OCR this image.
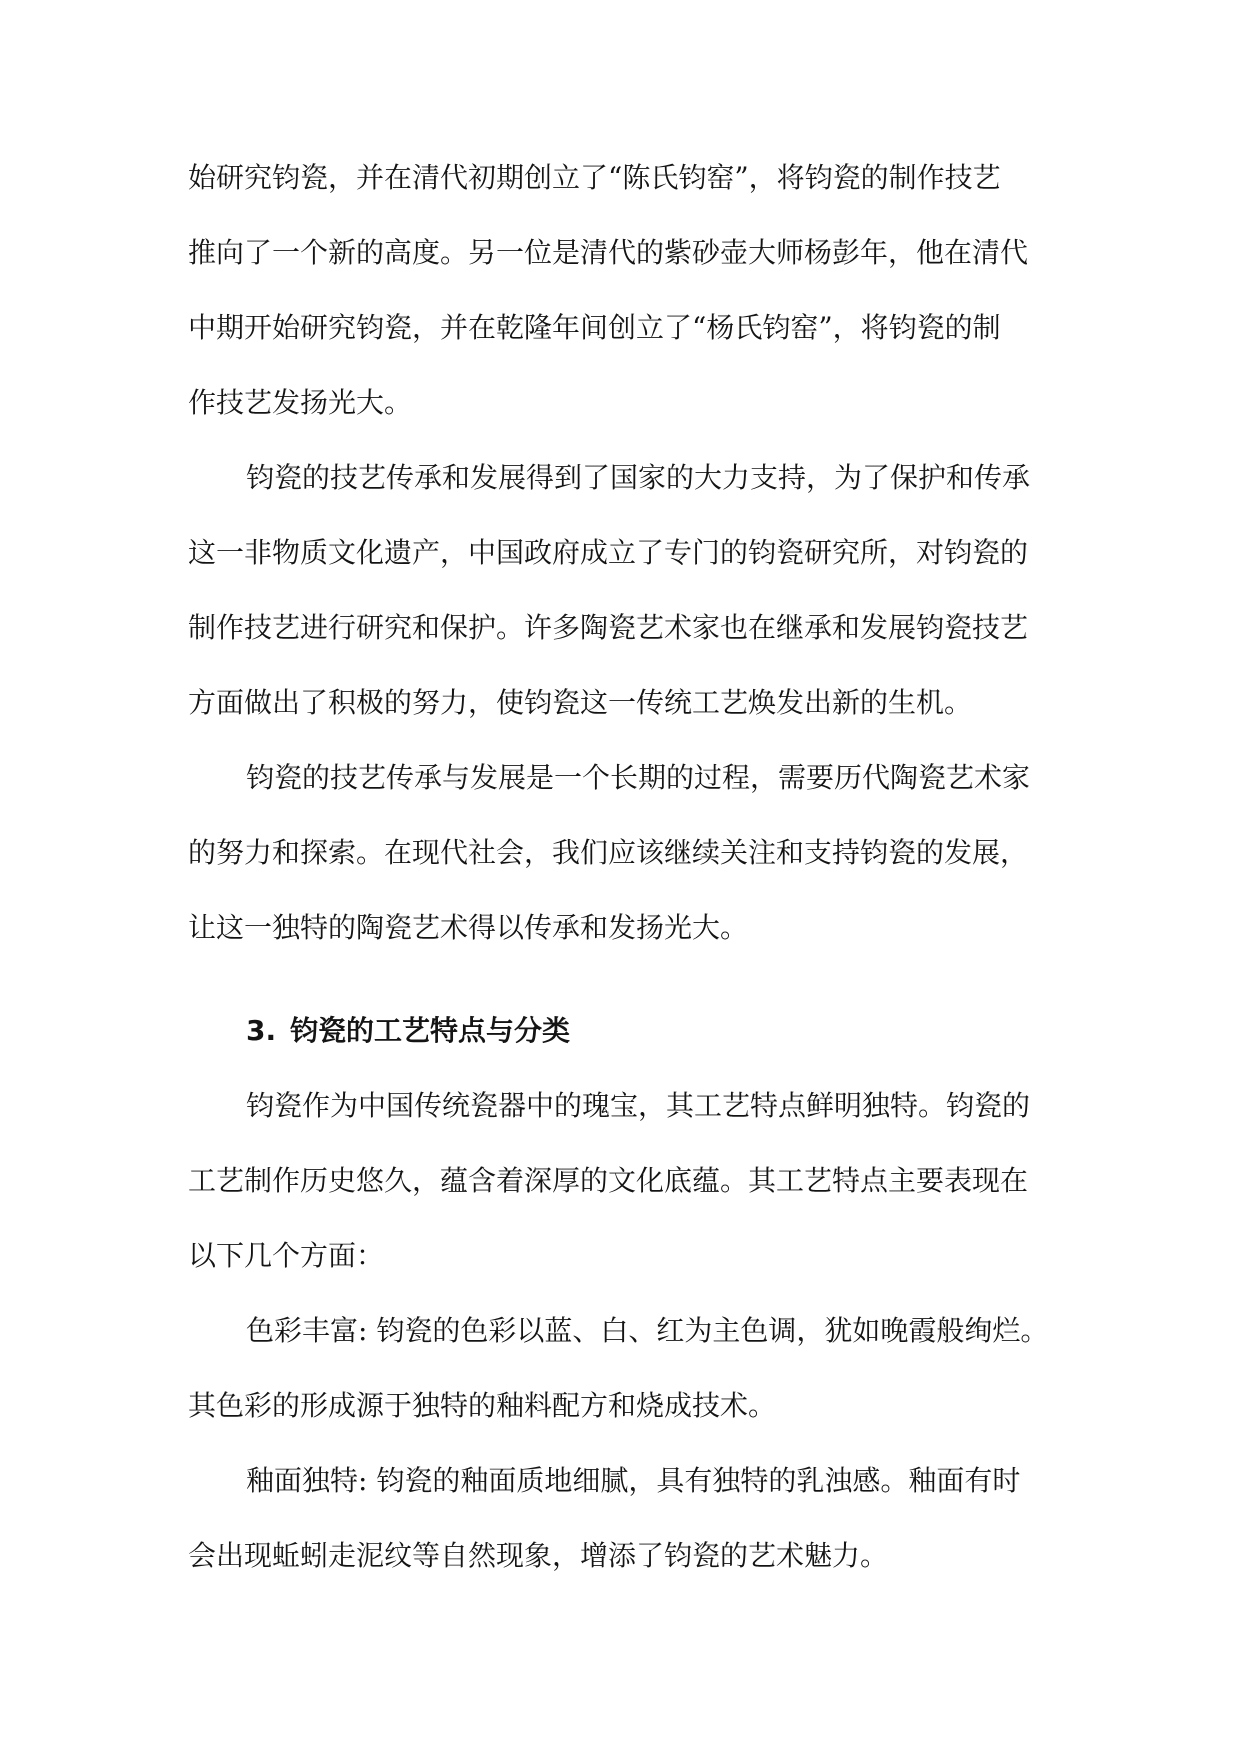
始研究钧瓷，并在清代初期创立了“陈氏钧窑”，将钧瓷的制作技艺
推向了一个新的高度。另一位是清代的紫砂壶大师杨彭年，他在清代
中期开始研究钧瓷，并在乾隆年间创立了“杨氏钧窑”，将钧瓷的制
作技艺发扬光大。
钧瓷的技艺传承和发展得到了国家的大力支持，为了保护和传承
这一非物质文化遗产，中国政府成立了专门的钧瓷研究所，对钧瓷的
制作技艺进行研究和保护。许多陶瓷艺术家也在继承和发展钧瓷技艺
方面做出了积极的努力，使钧瓷这一传统工艺焕发出新的生机。
钧瓷的技艺传承与发展是一个长期的过程，需要历代陶瓷艺术家
的努力和探索。在现代社会，我们应该继续关注和支持钧瓷的发展，
让这一独特的陶瓷艺术得以传承和发扬光大。
3. 钧瓷的工艺特点与分类
钧瓷作为中国传统瓷器中的瑰宝，其工艺特点鲜明独特。钧瓷的
工艺制作历史悠久，蕴含着深厚的文化底蕴。其工艺特点主要表现在
以下几个方面：
色彩丰富: 钧瓷的色彩以蓝、白、红为主色调，犹如晚霞般绚烂。
其色彩的形成源于独特的釉料配方和烧成技术。
釉面独特: 钧瓷的釉面质地细腻，具有独特的乳浊感。釉面有时
会出现蚯蚓走泥纹等自然现象，增添了钧瓷的艺术魅力。
